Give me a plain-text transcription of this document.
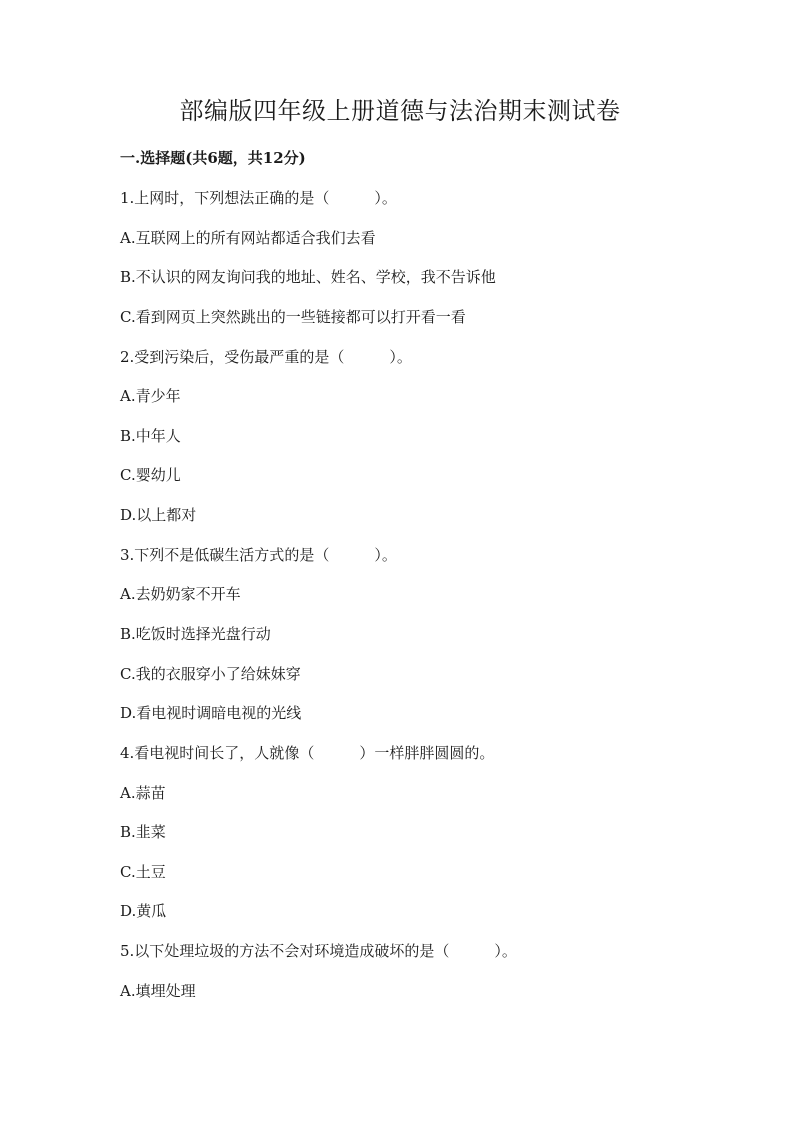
部编版四年级上册道德与法治期末测试卷
一.选择题(共6题，共12分)
1.上网时，下列想法正确的是（　　　）。
A.互联网上的所有网站都适合我们去看
B.不认识的网友询问我的地址、姓名、学校，我不告诉他
C.看到网页上突然跳出的一些链接都可以打开看一看
2.受到污染后，受伤最严重的是（　　　）。
A.青少年
B.中年人
C.婴幼儿
D.以上都对
3.下列不是低碳生活方式的是（　　　）。
A.去奶奶家不开车
B.吃饭时选择光盘行动
C.我的衣服穿小了给妹妹穿
D.看电视时调暗电视的光线
4.看电视时间长了，人就像（　　　）一样胖胖圆圆的。
A.蒜苗
B.韭菜
C.土豆
D.黄瓜
5.以下处理垃圾的方法不会对环境造成破坏的是（　　　）。
A.填埋处理
